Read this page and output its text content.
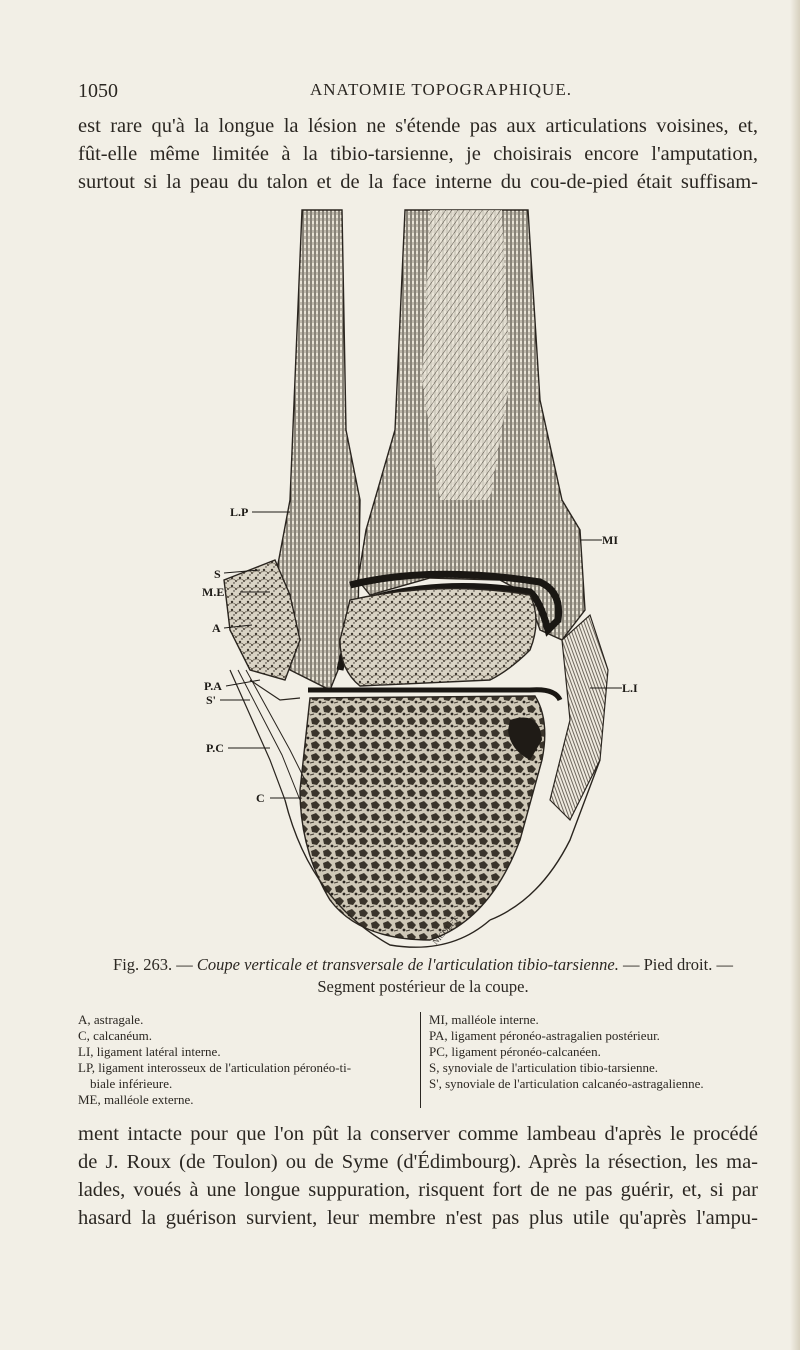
1050	ANATOMIE TOPOGRAPHIQUE.
est rare qu'à la longue la lésion ne s'étende pas aux articulations voisines, et,
fût-elle même limitée à la tibio-tarsienne, je choisirais encore l'amputation,
surtout si la peau du talon et de la face interne du cou-de-pied était suffisam-
L.P
S
M.E
A
P.A
S'
P.C
C
MI
L.I
NICOLET
Fig. 263. — Coupe verticale et transversale de l'articulation tibio-tarsienne. — Pied droit. —
Segment postérieur de la coupe.
A, astragale.
C, calcanéum.
LI, ligament latéral interne.
LP, ligament interosseux de l'articulation péronéo-ti-
biale inférieure.
ME, malléole externe.
MI, malléole interne.
PA, ligament péronéo-astragalien postérieur.
PC, ligament péronéo-calcanéen.
S, synoviale de l'articulation tibio-tarsienne.
S', synoviale de l'articulation calcanéo-astragalienne.

ment intacte pour que l'on pût la conserver comme lambeau d'après le procédé

de J. Roux (de Toulon) ou de Syme (d'Édimbourg). Après la résection, les ma-

lades, voués à une longue suppuration, risquent fort de ne pas guérir, et, si par

hasard la guérison survient, leur membre n'est pas plus utile qu'après l'ampu-
